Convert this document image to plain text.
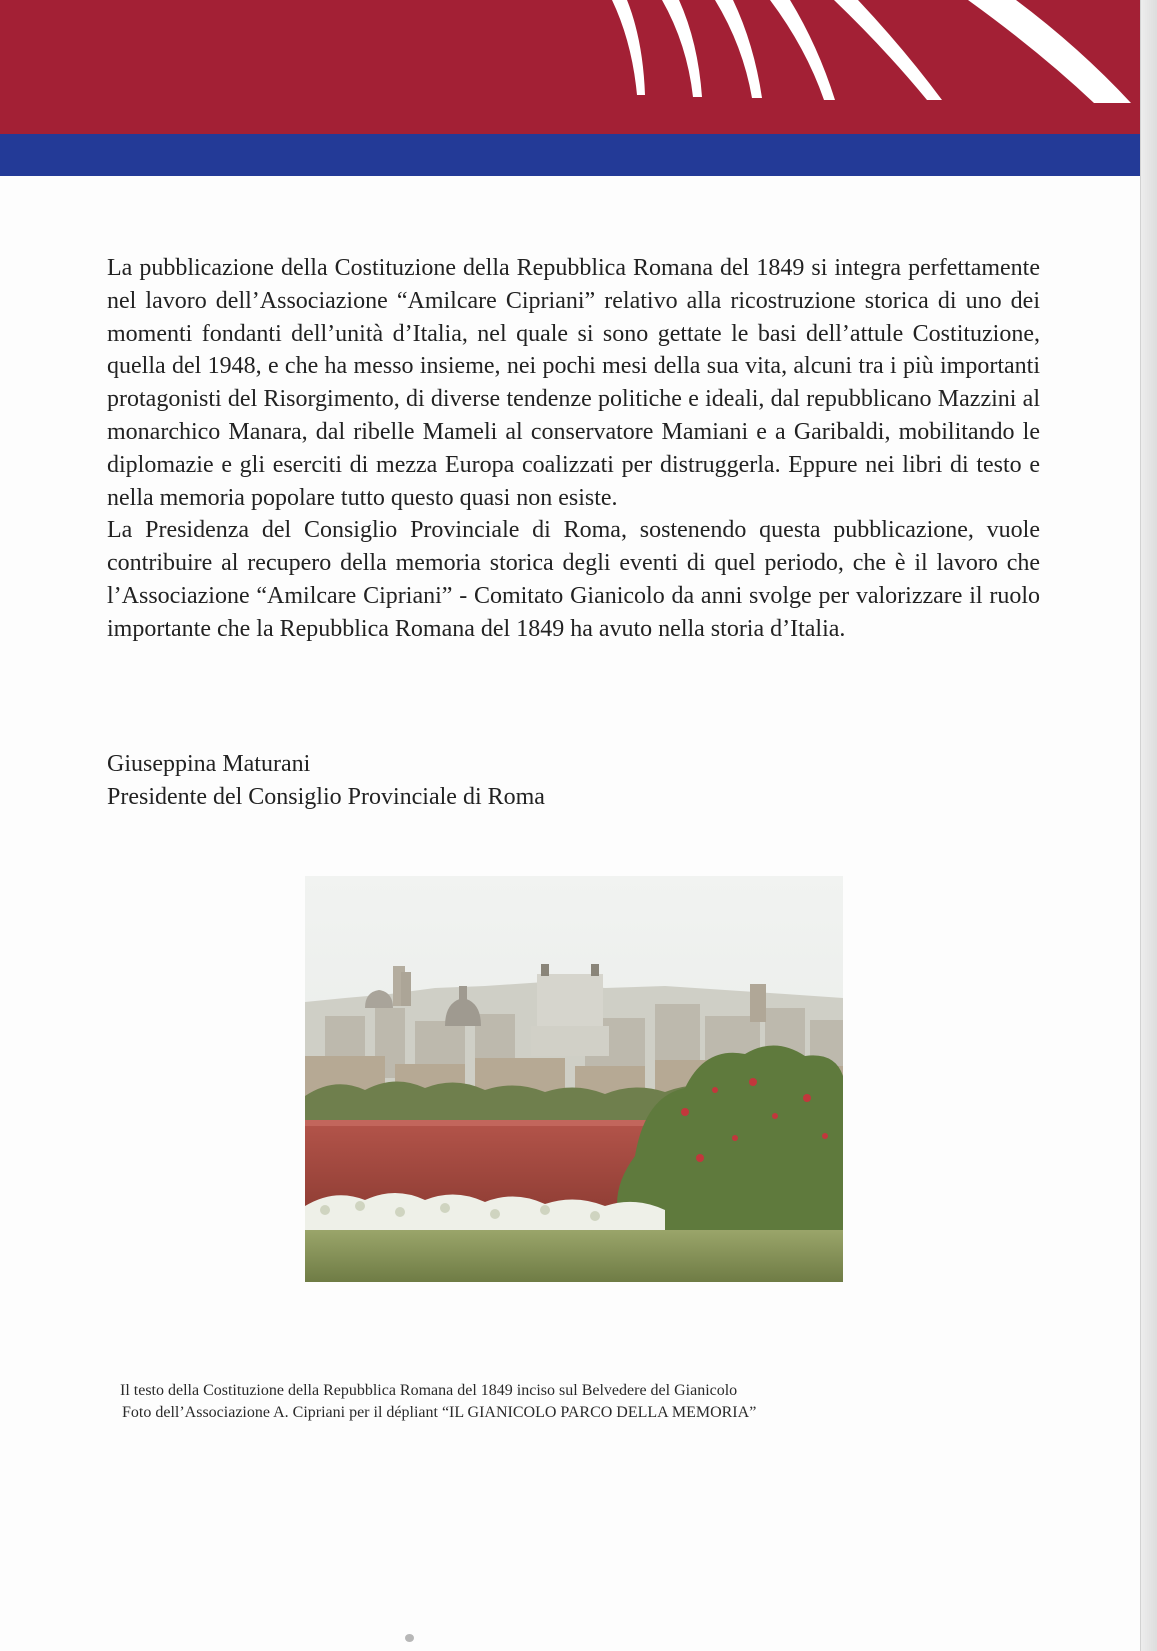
La pubblicazione della Costituzione della Repubblica Romana del 1849 si integra perfettamente nel lavoro dell’Associazione “Amilcare Cipriani” relativo alla ricostruzione storica di uno dei momenti fondanti dell’unità d’Italia, nel quale si sono gettate le basi dell’attule Costituzione, quella del 1948, e che ha messo insieme, nei pochi mesi della sua vita, alcuni tra i più importanti protagonisti del Risorgimento, di diverse tendenze politiche e ideali, dal repubblicano Mazzini al monarchico Manara, dal ribelle Mameli al conservatore Mamiani e a Garibaldi, mobilitando le diplomazie e gli eserciti di mezza Europa coalizzati per distruggerla. Eppure nei libri di testo e nella memoria popolare tutto questo quasi non esiste.

La Presidenza del Consiglio Provinciale di Roma, sostenendo questa pubblicazione, vuole contribuire al recupero della memoria storica degli eventi di quel periodo, che è il lavoro che l’Associazione “Amilcare Cipriani” - Comitato Gianicolo da anni svolge per valorizzare il ruolo importante che la Repubblica Romana del 1849 ha avuto nella storia d’Italia.

Giuseppina Maturani
Presidente del Consiglio Provinciale di Roma
Il testo della Costituzione della Repubblica Romana del 1849 inciso sul Belvedere del Gianicolo
Foto dell’Associazione A. Cipriani per il dépliant “IL GIANICOLO PARCO DELLA MEMORIA”
